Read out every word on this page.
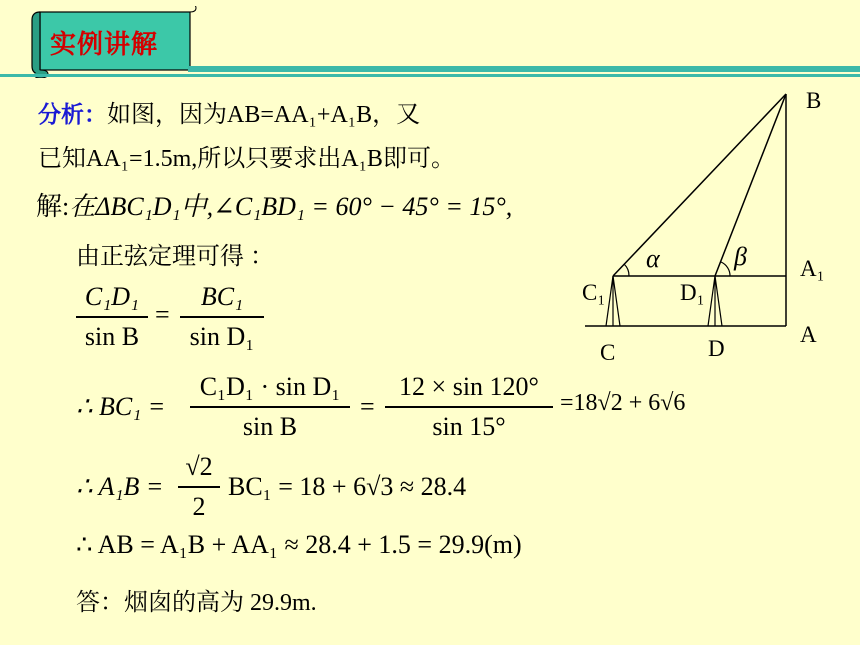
实例讲解
分析：如图，因为AB=AA₁+A₁B，又
已知AA₁=1.5m,所以只要求出A₁B即可。
解:在ΔBC₁D₁中,∠C₁BD₁ = 60° − 45° = 15°,
由正弦定理可得 ：
C₁D₁
sin B
=
BC₁
sin D₁
∴ BC₁ =
C₁D₁ · sin D₁
sin B
=
12 × sin 120°
sin 15°
=18√2 + 6√6
∴ A₁B =
√2
2
BC₁ = 18 + 6√3 ≈ 28.4
∴ AB = A₁B + AA₁ ≈ 28.4 + 1.5 = 29.9(m)
答：烟囱的高为 29.9m.
B
A₁
A
C₁	D₁
C	D
α	β
